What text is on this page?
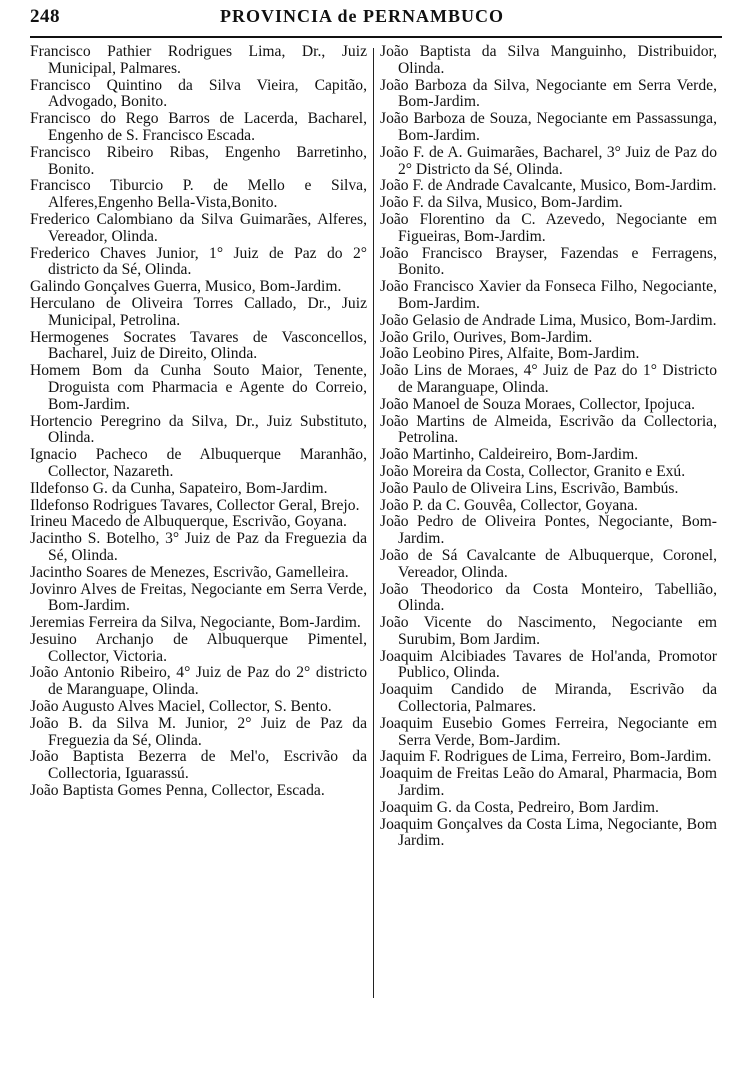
248	PROVINCIA de PERNAMBUCO

Francisco Pathier Rodrigues Lima, Dr., Juiz Municipal, Palmares.

Francisco Quintino da Silva Vieira, Capitão, Advogado, Bonito.

Francisco do Rego Barros de Lacerda, Bacharel, Engenho de S. Francisco Escada.

Francisco Ribeiro Ribas, Engenho Barretinho, Bonito.

Francisco Tiburcio P. de Mello e Silva, Alferes,Engenho Bella-Vista,Bonito.

Frederico Calombiano da Silva Guimarães, Alferes, Vereador, Olinda.

Frederico Chaves Junior, 1° Juiz de Paz do 2° districto da Sé, Olinda.

Galindo Gonçalves Guerra, Musico, Bom-Jardim.

Herculano de Oliveira Torres Callado, Dr., Juiz Municipal, Petrolina.

Hermogenes Socrates Tavares de Vasconcellos, Bacharel, Juiz de Direito, Olinda.

Homem Bom da Cunha Souto Maior, Tenente, Droguista com Pharmacia e Agente do Correio, Bom-Jardim.

Hortencio Peregrino da Silva, Dr., Juiz Substituto, Olinda.

Ignacio Pacheco de Albuquerque Maranhão, Collector, Nazareth.

Ildefonso G. da Cunha, Sapateiro, Bom-Jardim.

Ildefonso Rodrigues Tavares, Collector Geral, Brejo.

Irineu Macedo de Albuquerque, Escrivão, Goyana.

Jacintho S. Botelho, 3° Juiz de Paz da Freguezia da Sé, Olinda.

Jacintho Soares de Menezes, Escrivão, Gamelleira.

Jovinro Alves de Freitas, Negociante em Serra Verde, Bom-Jardim.

Jeremias Ferreira da Silva, Negociante, Bom-Jardim.

Jesuino Archanjo de Albuquerque Pimentel, Collector, Victoria.

João Antonio Ribeiro, 4° Juiz de Paz do 2° districto de Maranguape, Olinda.

João Augusto Alves Maciel, Collector, S. Bento.

João B. da Silva M. Junior, 2° Juiz de Paz da Freguezia da Sé, Olinda.

João Baptista Bezerra de Mel'o, Escrivão da Collectoria, Iguarassú.

João Baptista Gomes Penna, Collector, Escada.

João Baptista da Silva Manguinho, Distribuidor, Olinda.

João Barboza da Silva, Negociante em Serra Verde, Bom-Jardim.

João Barboza de Souza, Negociante em Passassunga, Bom-Jardim.

João F. de A. Guimarães, Bacharel, 3° Juiz de Paz do 2° Districto da Sé, Olinda.

João F. de Andrade Cavalcante, Musico, Bom-Jardim.

João F. da Silva, Musico, Bom-Jardim.

João Florentino da C. Azevedo, Negociante em Figueiras, Bom-Jardim.

João Francisco Brayser, Fazendas e Ferragens, Bonito.

João Francisco Xavier da Fonseca Filho, Negociante, Bom-Jardim.

João Gelasio de Andrade Lima, Musico, Bom-Jardim.

João Grilo, Ourives, Bom-Jardim.

João Leobino Pires, Alfaite, Bom-Jardim.

João Lins de Moraes, 4° Juiz de Paz do 1° Districto de Maranguape, Olinda.

João Manoel de Souza Moraes, Collector, Ipojuca.

João Martins de Almeida, Escrivão da Collectoria, Petrolina.

João Martinho, Caldeireiro, Bom-Jardim.

João Moreira da Costa, Collector, Granito e Exú.

João Paulo de Oliveira Lins, Escrivão, Bambús.

João P. da C. Gouvêa, Collector, Goyana.

João Pedro de Oliveira Pontes, Negociante, Bom-Jardim.

João de Sá Cavalcante de Albuquerque, Coronel, Vereador, Olinda.

João Theodorico da Costa Monteiro, Tabellião, Olinda.

João Vicente do Nascimento, Negociante em Surubim, Bom Jardim.

Joaquim Alcibiades Tavares de Hol'anda, Promotor Publico, Olinda.

Joaquim Candido de Miranda, Escrivão da Collectoria, Palmares.

Joaquim Eusebio Gomes Ferreira, Negociante em Serra Verde, Bom-Jardim.

Jaquim F. Rodrigues de Lima, Ferreiro, Bom-Jardim.

Joaquim de Freitas Leão do Amaral, Pharmacia, Bom Jardim.

Joaquim G. da Costa, Pedreiro, Bom Jardim.

Joaquim Gonçalves da Costa Lima, Negociante, Bom Jardim.
